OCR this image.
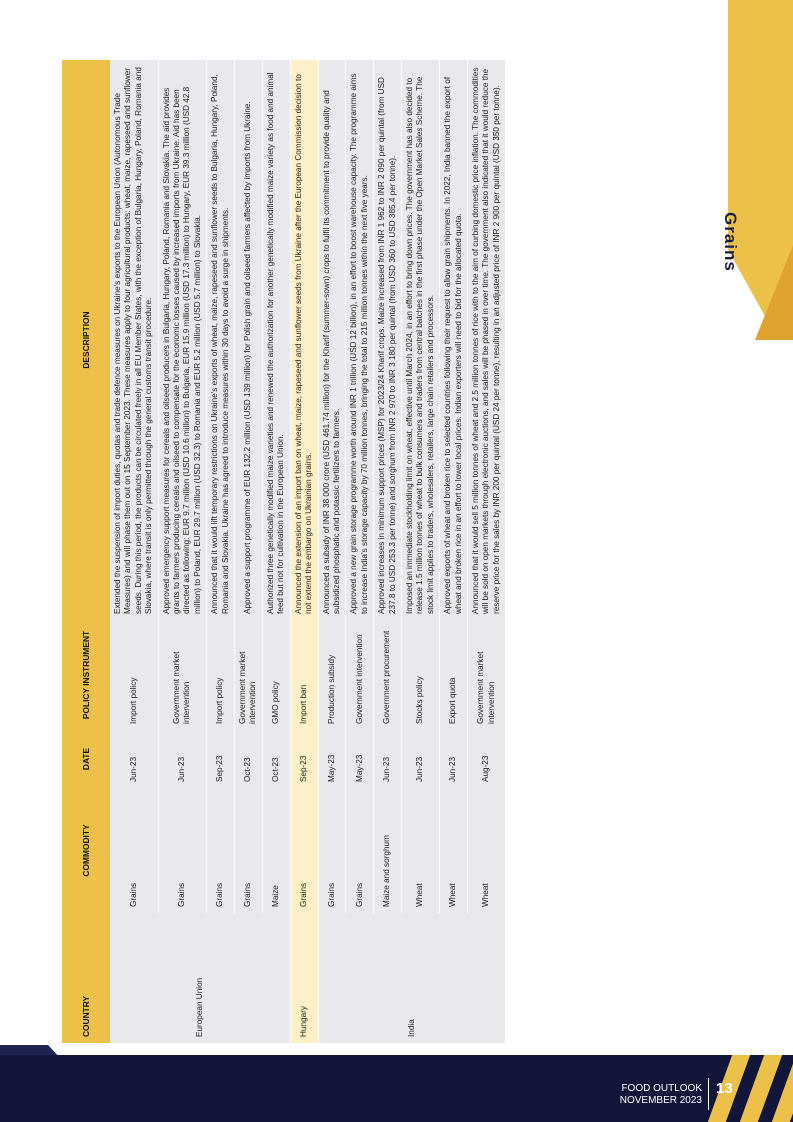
Grains
COUNTRY	COMMODITY	DATE	POLICY INSTRUMENT	DESCRIPTION
European Union	Grains	Jun-23	Import policy	Extended the suspension of import duties, quotas and trade defence measures on Ukraine's exports to the European Union (Autonomous Trade Measures) and will phase them out on 15 September 2023. These measures apply to four agricultural products: wheat, maize, rapeseed and sunflower seeds. During this period, the products can be circulated freely in all EU Member States, with the exception of Bulgaria, Hungary, Poland, Romania and Slovakia, where transit is only permitted through the general customs transit procedure.
	Grains	Jun-23	Government market intervention	Approved emergency support measures for cereals and oilseed producers in Bulgaria, Hungary, Poland, Romania and Slovakia. The aid provides grants to farmers producing cereals and oilseed to compensate for the economic losses caused by increased imports from Ukraine. Aid has been directed as following: EUR 9.7 million (USD 10.6 million) to Bulgaria, EUR 15.9 million (USD 17.3 million) to Hungary, EUR 39.3 million (USD 42.8 million) to Poland, EUR 29.7 million (USD 32.3) to Romania and EUR 5.2 million (USD 5.7 million) to Slovakia.
	Grains	Sep-23	Import policy	Announced that it would lift temporary restrictions on Ukraine's exports of wheat, maize, rapeseed and sunflower seeds to Bulgaria, Hungary, Poland, Romania and Slovakia. Ukraine has agreed to introduce measures within 30 days to avoid a surge in shipments.
	Grains	Oct-23	Government market intervention	Approved a support programme of EUR 132.2 million (USD 139 million) for Polish grain and oilseed farmers affected by imports from Ukraine.
	Maize	Oct-23	GMO policy	Authorized three genetically modified maize varieties and renewed the authorization for another genetically modified maize variety as food and animal feed but not for cultivation in the European Union.
Hungary	Grains	Sep-23	Import ban	Announced the extension of an import ban on wheat, maize, rapeseed and sunflower seeds from Ukraine after the European Commission decision to not extend the embargo on Ukrainian grains.
India	Grains	May-23	Production subsidy	Announced a subsidy of INR 38 000 crore (USD 461.74 million) for the Kharif (summer-sown) crops to fulfil its commitment to provide quality and subsidized phosphatic and potassic fertilizers to farmers.
	Grains	May-23	Government intervention	Approved a new grain storage programme worth around INR 1 trillion (USD 12 billion), in an effort to boost warehouse capacity. The programme aims to increase India's storage capacity by 70 million tonnes, bringing the total to 215 million tonnes within the next five years.
	Maize and sorghum	Jun-23	Government procurement	Approved increases in minimum support prices (MSP) for 2023/24 Kharif crops. Maize increased from INR 1 962 to INR 2 090 per quintal (from USD 237.8 to USD 253.3 per tonne) and sorghum from INR 2 970 to INR 3 180 per quintal (from USD 360 to USD 385.4 per tonne).
	Wheat	Jun-23	Stocks policy	Imposed an immediate stockholding limit on wheat, effective until March 2024, in an effort to bring down prices. The government has also decided to release 1.5 million tonnes of wheat to bulk consumers and traders from central batches in the first phase under the Open Market Sales Scheme. The stock limit applies to traders, wholesalers, retailers, large chain retailers and processors.
	Wheat	Jun-23	Export quota	Approved exports of wheat and broken rice to selected countries following their request to allow grain shipments. In 2022, India banned the export of wheat and broken rice in an effort to lower local prices. Indian exporters will need to bid for the allocated quota.
	Wheat	Aug-23	Government market intervention	Announced that it would sell 5 million tonnes of wheat and 2.5 million tonnes of rice with to the aim of curbing domestic price inflation. The commodities will be sold on open markets through electronic auctions, and sales will be phased in over time. The government also indicated that it would reduce the reserve price for the sales by INR 200 per quintal (USD 24 per tonne), resulting in an adjusted price of INR 2 900 per quintal (USD 350 per tonne).
FOOD OUTLOOK
NOVEMBER 2023
13
